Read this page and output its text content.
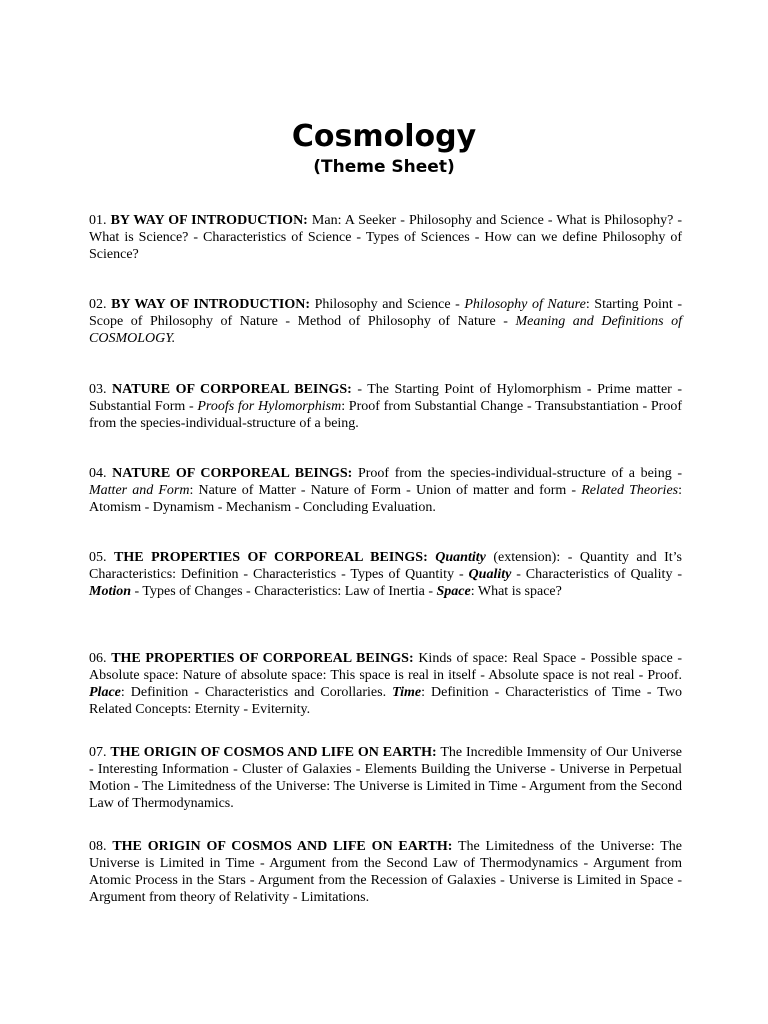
Cosmology
(Theme Sheet)
01. BY WAY OF INTRODUCTION: Man: A Seeker - Philosophy and Science - What is Philosophy? - What is Science? - Characteristics of Science - Types of Sciences - How can we define Philosophy of Science?
02. BY WAY OF INTRODUCTION: Philosophy and Science - Philosophy of Nature: Starting Point - Scope of Philosophy of Nature - Method of Philosophy of Nature - Meaning and Definitions of COSMOLOGY.
03. NATURE OF CORPOREAL BEINGS: - The Starting Point of Hylomorphism - Prime matter - Substantial Form - Proofs for Hylomorphism: Proof from Substantial Change - Transubstantiation - Proof from the species-individual-structure of a being.
04. NATURE OF CORPOREAL BEINGS: Proof from the species-individual-structure of a being - Matter and Form: Nature of Matter - Nature of Form - Union of matter and form - Related Theories: Atomism - Dynamism - Mechanism - Concluding Evaluation.
05. THE PROPERTIES OF CORPOREAL BEINGS: Quantity (extension): - Quantity and It’s Characteristics: Definition - Characteristics - Types of Quantity - Quality - Characteristics of Quality - Motion - Types of Changes - Characteristics: Law of Inertia - Space: What is space?
06. THE PROPERTIES OF CORPOREAL BEINGS: Kinds of space: Real Space - Possible space - Absolute space: Nature of absolute space: This space is real in itself - Absolute space is not real - Proof. Place: Definition - Characteristics and Corollaries. Time: Definition - Characteristics of Time - Two Related Concepts: Eternity - Eviternity.
07. THE ORIGIN OF COSMOS AND LIFE ON EARTH: The Incredible Immensity of Our Universe - Interesting Information - Cluster of Galaxies - Elements Building the Universe - Universe in Perpetual Motion - The Limitedness of the Universe: The Universe is Limited in Time - Argument from the Second Law of Thermodynamics.
08. THE ORIGIN OF COSMOS AND LIFE ON EARTH: The Limitedness of the Universe: The Universe is Limited in Time - Argument from the Second Law of Thermodynamics - Argument from Atomic Process in the Stars - Argument from the Recession of Galaxies - Universe is Limited in Space - Argument from theory of Relativity - Limitations.
